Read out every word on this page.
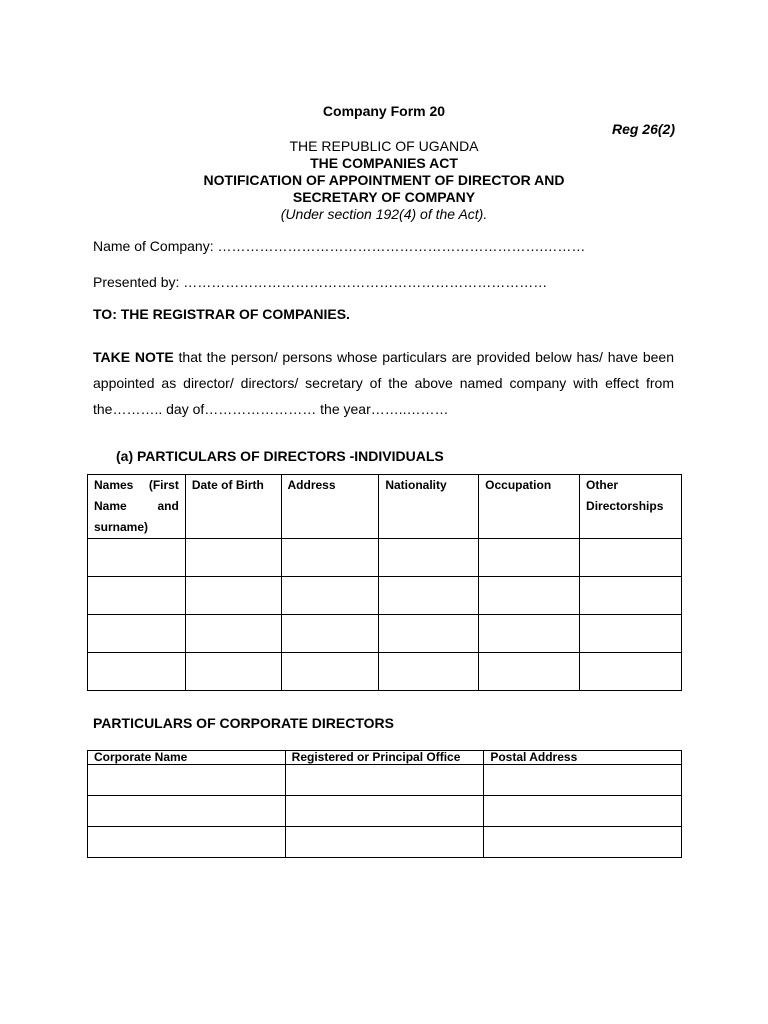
Company Form 20
Reg 26(2)
THE REPUBLIC OF UGANDA
THE COMPANIES ACT
NOTIFICATION OF APPOINTMENT OF DIRECTOR AND
SECRETARY OF COMPANY
(Under section 192(4) of the Act).
Name of Company: …………………………………………………………….………
Presented by: ……………………………………………………………………
TO: THE REGISTRAR OF COMPANIES.
TAKE NOTE that the person/ persons whose particulars are provided below has/ have been appointed as director/ directors/ secretary of the above named company with effect from the……….. day of…………………… the year……..………
(a) PARTICULARS OF DIRECTORS -INDIVIDUALS
Names (First Name and surname)	Date of Birth	Address	Nationality	Occupation	Other Directorships

PARTICULARS OF CORPORATE DIRECTORS
Corporate Name	Registered or Principal Office	Postal Address
